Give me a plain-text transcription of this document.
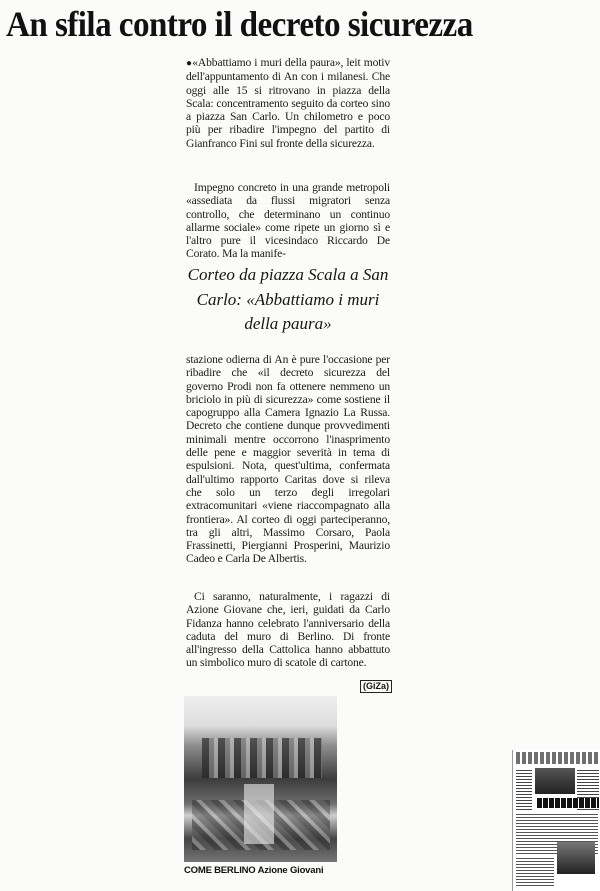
An sfila contro il decreto sicurezza

●«Abbattiamo i muri della paura», leit motiv dell'appuntamento di An con i milanesi. Che oggi alle 15 si ritrovano in piazza della Scala: concentramento seguito da corteo sino a piazza San Carlo. Un chilometro e poco più per ribadire l'impegno del partito di Gianfranco Fini sul fronte della sicurezza.

Impegno concreto in una grande metropoli «assediata da flussi migratori senza controllo, che determinano un continuo allarme sociale» come ripete un giorno sì e l'altro pure il vicesindaco Riccardo De Corato. Ma la manife-

Corteo da piazza Scala a San Carlo: «Abbattiamo i muri della paura»

stazione odierna di An è pure l'occasione per ribadire che «il decreto sicurezza del governo Prodi non fa ottenere nemmeno un briciolo in più di sicurezza» come sostiene il capogruppo alla Camera Ignazio La Russa. Decreto che contiene dunque provvedimenti minimali mentre occorrono l'inasprimento delle pene e maggior severità in tema di espulsioni. Nota, quest'ultima, confermata dall'ultimo rapporto Caritas dove si rileva che solo un terzo degli irregolari extracomunitari «viene riaccompagnato alla frontiera». Al corteo di oggi parteciperanno, tra gli altri, Massimo Corsaro, Paola Frassinetti, Piergianni Prosperini, Maurizio Cadeo e Carla De Albertis.

Ci saranno, naturalmente, i ragazzi di Azione Giovane che, ieri, guidati da Carlo Fidanza hanno celebrato l'anniversario della caduta del muro di Berlino. Di fronte all'ingresso della Cattolica hanno abbattuto un simbolico muro di scatole di cartone.

(GiZa)
COME BERLINO Azione Giovani
